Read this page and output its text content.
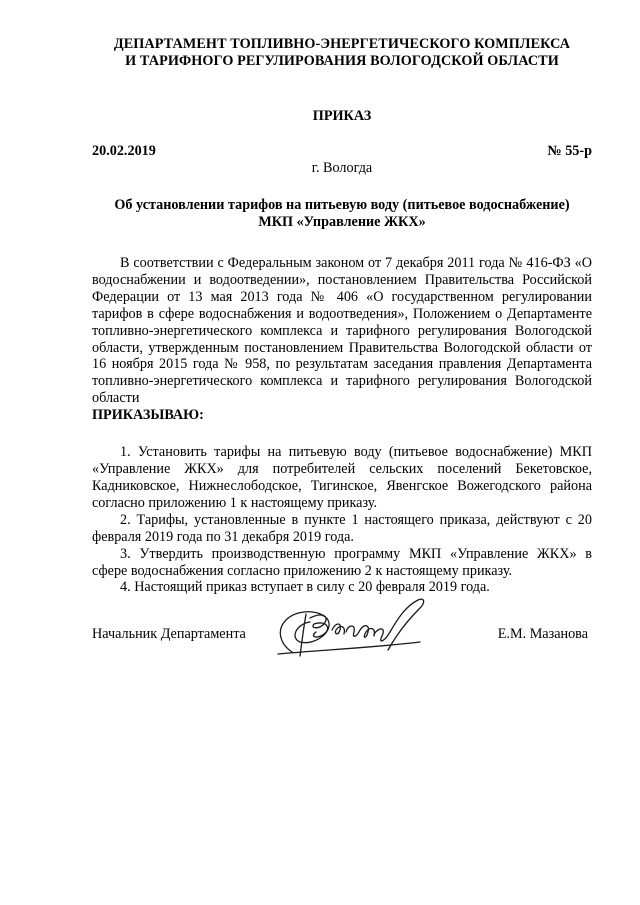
ДЕПАРТАМЕНТ ТОПЛИВНО-ЭНЕРГЕТИЧЕСКОГО КОМПЛЕКСА
И ТАРИФНОГО РЕГУЛИРОВАНИЯ ВОЛОГОДСКОЙ ОБЛАСТИ
ПРИКАЗ
20.02.2019	№ 55-р
г. Вологда
Об установлении тарифов на питьевую воду (питьевое водоснабжение)
МКП «Управление ЖКХ»

В соответствии с Федеральным законом от 7 декабря 2011 года № 416-ФЗ «О водоснабжении и водоотведении», постановлением Правительства Российской Федерации от 13 мая 2013 года № 406 «О государственном регулировании тарифов в сфере водоснабжения и водоотведения», Положением о Департаменте топливно-энергетического комплекса и тарифного регулирования Вологодской области, утвержденным постановлением Правительства Вологодской области от 16 ноября 2015 года № 958, по результатам заседания правления Департамента топливно-энергетического комплекса и тарифного регулирования Вологодской области

ПРИКАЗЫВАЮ:

1. Установить тарифы на питьевую воду (питьевое водоснабжение) МКП «Управление ЖКХ» для потребителей сельских поселений Бекетовское, Кадниковское, Нижнеслободское, Тигинское, Явенгское Вожегодского района согласно приложению 1 к настоящему приказу.

2. Тарифы, установленные в пункте 1 настоящего приказа, действуют с 20 февраля 2019 года по 31 декабря 2019 года.

3. Утвердить производственную программу МКП «Управление ЖКХ» в сфере водоснабжения согласно приложению 2 к настоящему приказу.

4. Настоящий приказ вступает в силу с 20 февраля 2019 года.

Начальник Департамента	Е.М. Мазанова
